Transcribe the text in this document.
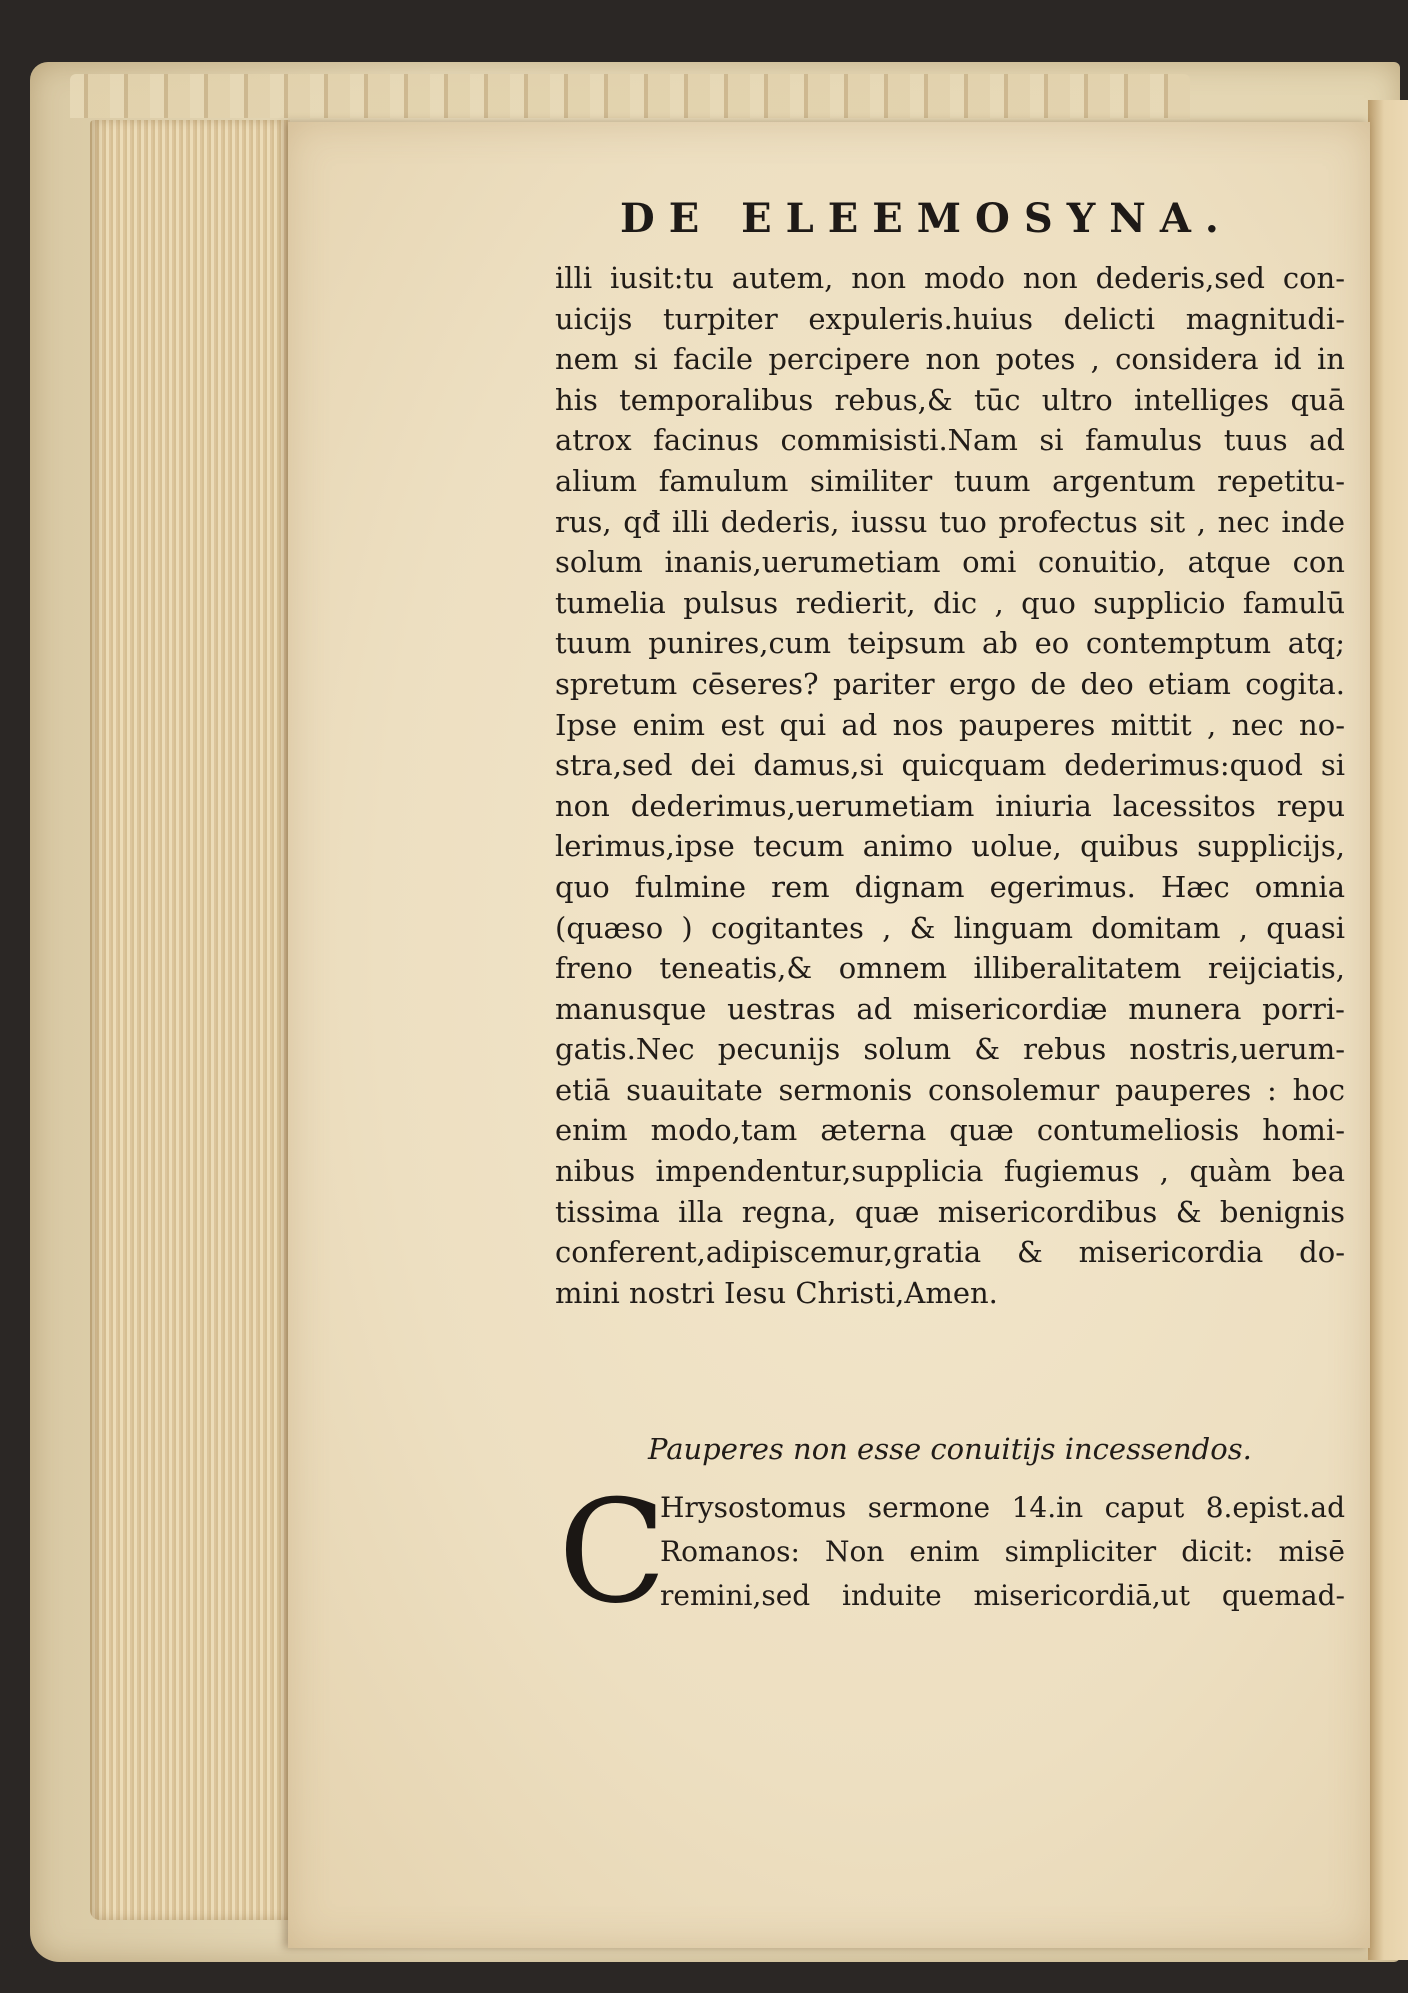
DE ELEEMOSYNA.
illi iusit:tu autem, non modo non dederis,sed con-
uicijs turpiter expuleris.huius delicti magnitudi-
nem si facile percipere non potes , considera id in
his temporalibus rebus,& tūc ultro intelliges quā
atrox facinus commisisti.Nam si famulus tuus ad
alium famulum similiter tuum argentum repetitu-
rus, qđ illi dederis, iussu tuo profectus sit , nec inde
solum inanis,uerumetiam omi conuitio, atque con
tumelia pulsus redierit, dic , quo supplicio famulū
tuum punires,cum teipsum ab eo contemptum atq;
spretum cēseres? pariter ergo de deo etiam cogita.
Ipse enim est qui ad nos pauperes mittit , nec no-
stra,sed dei damus,si quicquam dederimus:quod si
non dederimus,uerumetiam iniuria lacessitos repu
lerimus,ipse tecum animo uolue, quibus supplicijs,
quo fulmine rem dignam egerimus. Hæc omnia
(quæso ) cogitantes , & linguam domitam , quasi
freno teneatis,& omnem illiberalitatem reijciatis,
manusque uestras ad misericordiæ munera porri-
gatis.Nec pecunijs solum & rebus nostris,uerum-
etiā suauitate sermonis consolemur pauperes : hoc
enim modo,tam æterna quæ contumeliosis homi-
nibus impendentur,supplicia fugiemus , quàm bea
tissima illa regna, quæ misericordibus & benignis
conferent,adipiscemur,gratia & misericordia do-
mini nostri Iesu Christi,Amen.
Pauperes non esse conuitijs incessendos.
C
Hrysostomus sermone 14.in caput 8.epist.ad
Romanos: Non enim simpliciter dicit: misē
remini,sed induite misericordiā,ut quemad-
